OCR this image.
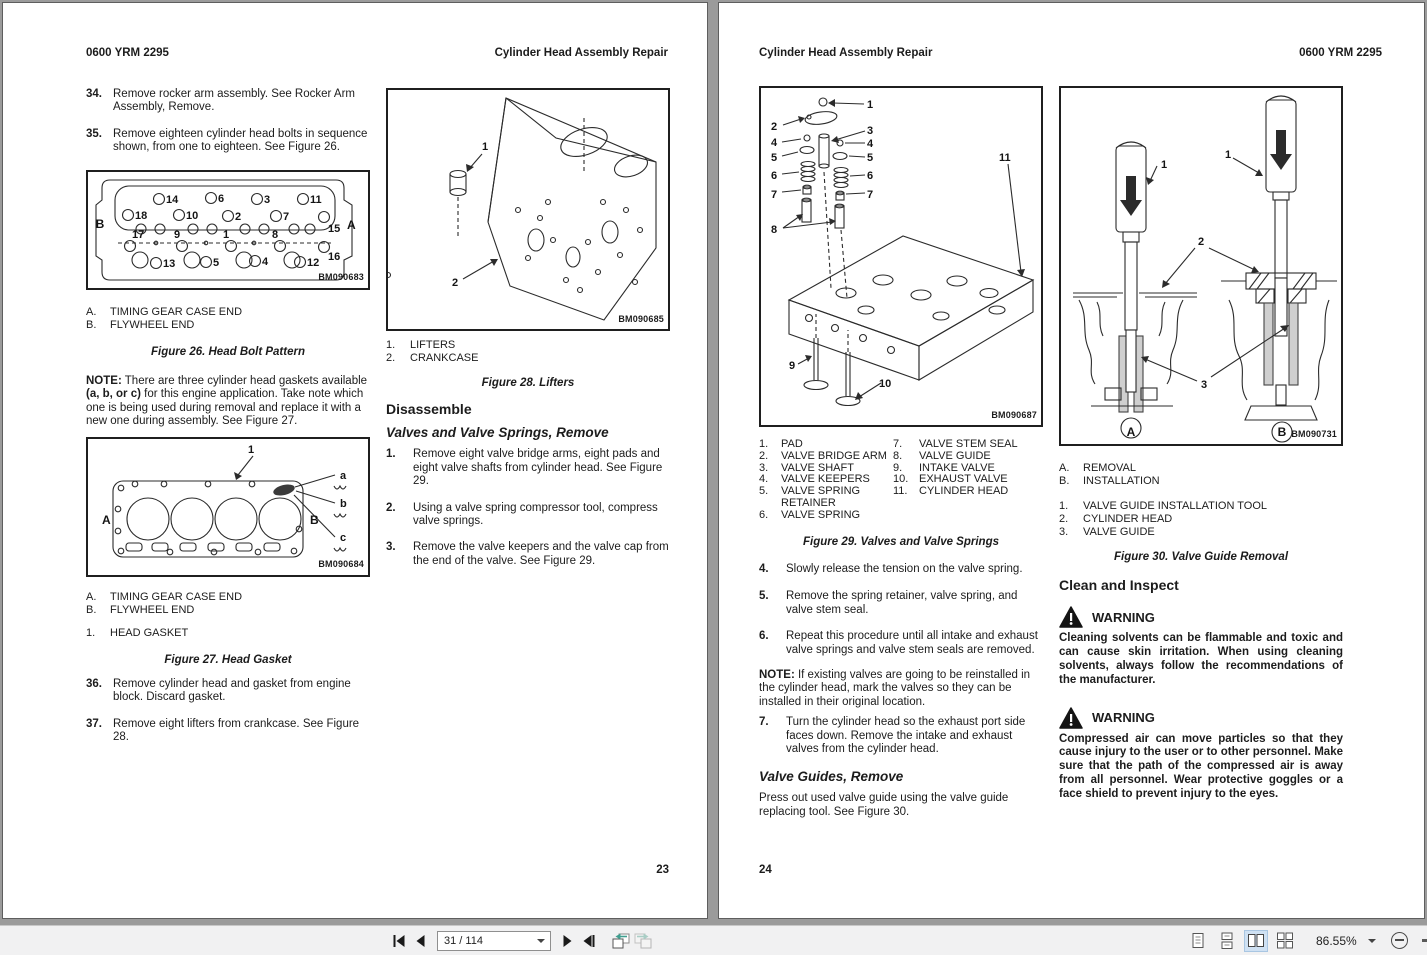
0600 YRM 2295	Cylinder Head Assembly Repair
34. Remove rocker arm assembly. See Rocker Arm Assembly, Remove.
35. Remove eighteen cylinder head bolts in sequence shown, from one to eighteen. See Figure 26.
14	6	3	11
18	10	2	7
15
17	9	1	8
13	5	4	12 16
B	A
BM090683
A.	TIMING GEAR CASE END
B.	FLYWHEEL END
Figure 26. Head Bolt Pattern

NOTE: There are three cylinder head gaskets available (a, b, or c) for this engine application. Take note which one is being used during removal and replace it with a new one during assembly. See Figure 27.

1
a
b
c
A	B
BM090684
A.	TIMING GEAR CASE END
B.	FLYWHEEL END
1.	HEAD GASKET
Figure 27. Head Gasket
36. Remove cylinder head and gasket from engine block. Discard gasket.
37. Remove eight lifters from crankcase. See Figure 28.
1
2
BM090685
1.	LIFTERS
2.	CRANKCASE
Figure 28. Lifters
Disassemble
Valves and Valve Springs, Remove
1.	Remove eight valve bridge arms, eight pads and eight valve shafts from cylinder head. See Figure 29.
2.	Using a valve spring compressor tool, compress valve springs.
3.	Remove the valve keepers and the valve cap from the end of the valve. See Figure 29.
23
Cylinder Head Assembly Repair	0600 YRM 2295
1
2	3
4	4
5	5
6	6
7	7
8
9
10
11
BM090687
1.	PAD
2.	VALVE BRIDGE ARM
3.	VALVE SHAFT
4.	VALVE KEEPERS
5.	VALVE SPRING RETAINER
6.	VALVE SPRING
7.	VALVE STEM SEAL
8.	VALVE GUIDE
9.	INTAKE VALVE
10. EXHAUST VALVE
11.	CYLINDER HEAD
Figure 29. Valves and Valve Springs
4.	Slowly release the tension on the valve spring.
5.	Remove the spring retainer, valve spring, and valve stem seal.
6.	Repeat this procedure until all intake and exhaust valve springs and valve stem seals are removed.

NOTE: If existing valves are going to be reinstalled in the cylinder head, mark the valves so they can be installed in their original location.

7.	Turn the cylinder head so the exhaust port side faces down. Remove the intake and exhaust valves from the cylinder head.
Valve Guides, Remove

Press out used valve guide using the valve guide replacing tool. See Figure 30.

1
1
2
3
A	B BM090731
A.	REMOVAL
B.	INSTALLATION
1.	VALVE GUIDE INSTALLATION TOOL
2.	CYLINDER HEAD
3.	VALVE GUIDE
Figure 30. Valve Guide Removal
Clean and Inspect
WARNING

Cleaning solvents can be flammable and toxic and can cause skin irritation. When using cleaning solvents, always follow the recommendations of the manufacturer.

WARNING

Compressed air can move particles so that they cause injury to the user or to other personnel. Make sure that the path of the compressed air is away from all personnel. Wear protective goggles or a face shield to prevent injury to the eyes.

24
31 / 114
86.55%
